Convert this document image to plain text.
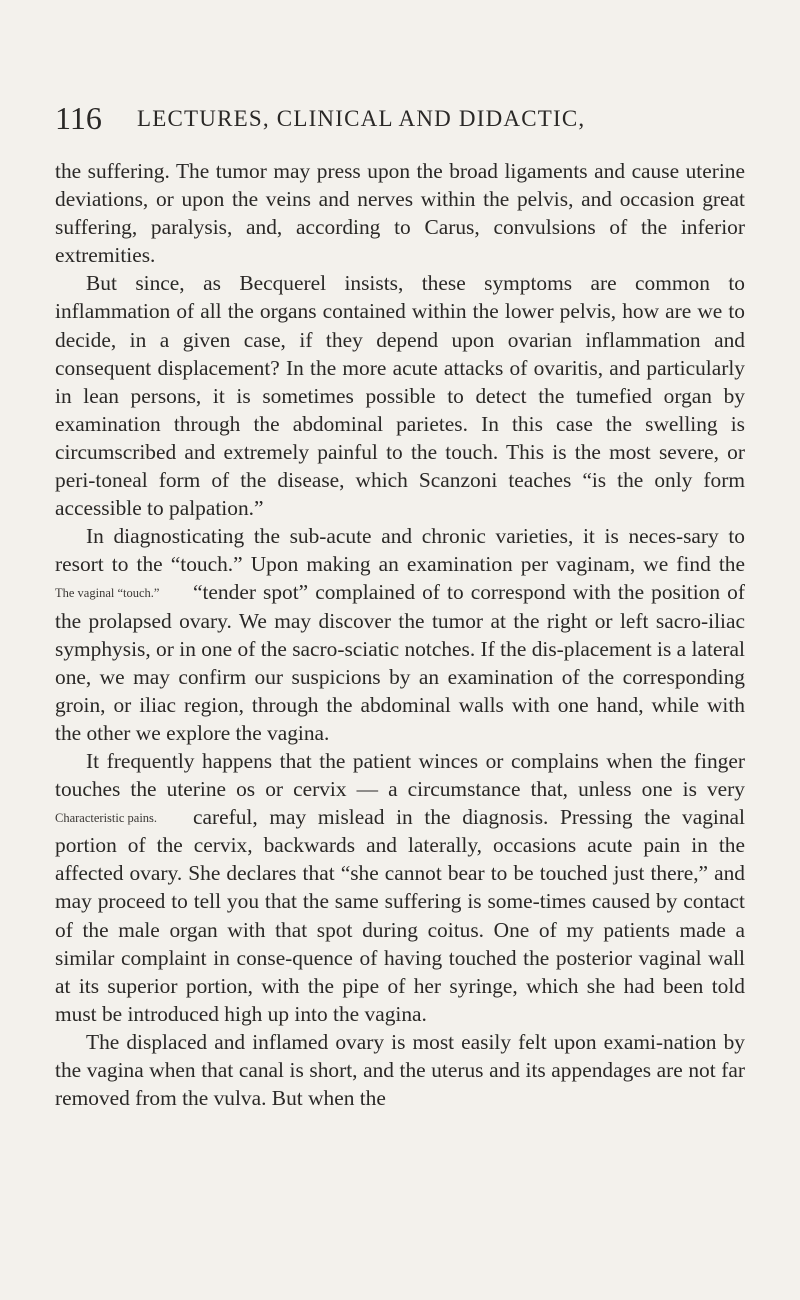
116 LECTURES, CLINICAL AND DIDACTIC,

the suffering. The tumor may press upon the broad ligaments and cause uterine deviations, or upon the veins and nerves within the pelvis, and occasion great suffering, paralysis, and, according to Carus, convulsions of the inferior extremities.

But since, as Becquerel insists, these symptoms are common to inflammation of all the organs contained within the lower pelvis, how are we to decide, in a given case, if they depend upon ovarian inflammation and consequent displacement? In the more acute attacks of ovaritis, and particularly in lean persons, it is sometimes possible to detect the tumefied organ by examination through the abdominal parietes. In this case the swelling is circumscribed and extremely painful to the touch. This is the most severe, or peri-toneal form of the disease, which Scanzoni teaches “is the only form accessible to palpation.”

In diagnosticating the sub-acute and chronic varieties, it is neces-sary to resort to the “touch.” Upon making an examination per vaginam, we find the “tender spot” complained of to correspond
The vaginal “touch.”	with the position of the prolapsed ovary. We may discover the tumor at the right or left sacro-iliac symphysis, or in one of the sacro-sciatic notches. If the dis-placement is a lateral one, we may confirm our suspicions by an examination of the corresponding groin, or iliac region, through the abdominal walls with one hand, while with the other we explore the vagina.

It frequently happens that the patient winces or complains when the finger touches the uterine os or cervix — a circumstance that, unless one is very careful, may mislead in the diagnosis. Pressing
Characteristic pains.	the vaginal portion of the cervix, backwards and laterally, occasions acute pain in the affected ovary. She declares that “she cannot bear to be touched just there,” and may proceed to tell you that the same suffering is some-times caused by contact of the male organ with that spot during coitus. One of my patients made a similar complaint in conse-quence of having touched the posterior vaginal wall at its superior portion, with the pipe of her syringe, which she had been told must be introduced high up into the vagina.

The displaced and inflamed ovary is most easily felt upon exami-nation by the vagina when that canal is short, and the uterus and its appendages are not far removed from the vulva. But when the
